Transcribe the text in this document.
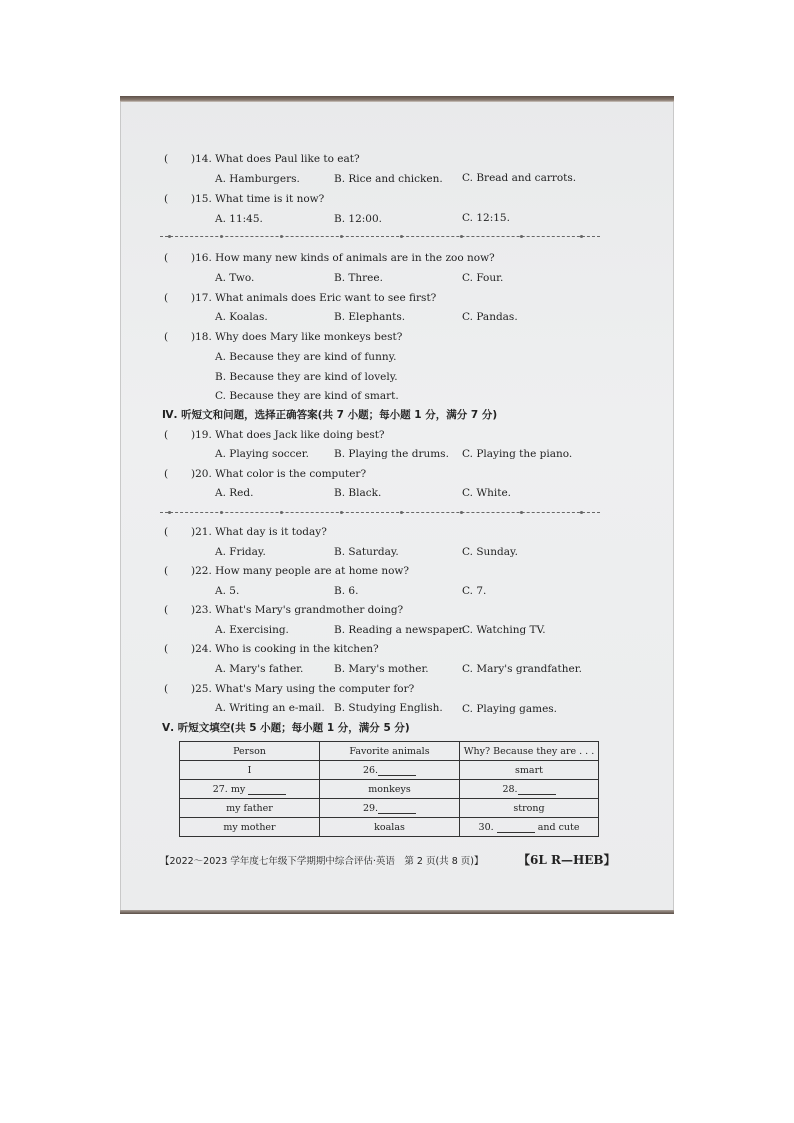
( )14. What does Paul like to eat?
A. Hamburgers.	B. Rice and chicken. C. Bread and carrots.
( )15. What time is it now?
A. 11:45.	B. 12:00.	C. 12:15.
( )16. How many new kinds of animals are in the zoo now?
A. Two.	B. Three.	C. Four.
( )17. What animals does Eric want to see first?
A. Koalas.	B. Elephants.	C. Pandas.
( )18. Why does Mary like monkeys best?
A. Because they are kind of funny.
B. Because they are kind of lovely.
C. Because they are kind of smart.
Ⅳ. 听短文和问题，选择正确答案(共 7 小题；每小题 1 分，满分 7 分)
( )19. What does Jack like doing best?
A. Playing soccer. B. Playing the drums. C. Playing the piano.
( )20. What color is the computer?
A. Red.	B. Black.	C. White.
( )21. What day is it today?
A. Friday.	B. Saturday.	C. Sunday.
( )22. How many people are at home now?
A. 5.	B. 6.	C. 7.
( )23. What's Mary's grandmother doing?
A. Exercising.	B. Reading a newspaper.
C. Watching TV.
( )24. Who is cooking in the kitchen?
A. Mary's father.	B. Mary's mother.	C. Mary's grandfather.
( )25. What's Mary using the computer for?
A. Writing an e-mail. B. Studying English. C. Playing games.
Ⅴ. 听短文填空(共 5 小题；每小题 1 分，满分 5 分)
Person	Favorite animals	Why? Because they are . . .
I	26.	smart
27. my	monkeys	28.
my father	29.	strong
my mother	koalas	30. and cute
【2022～2023 学年度七年级下学期期中综合评估·英语　第 2 页(共 8 页)】	【6L R—HEB】
